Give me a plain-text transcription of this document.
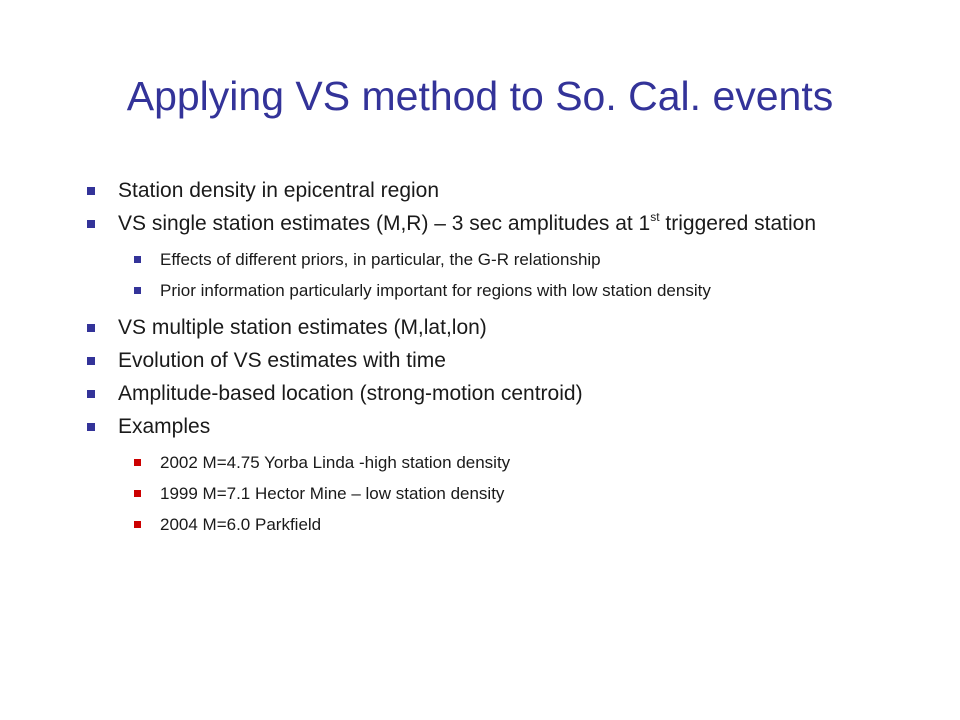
Applying VS method to So. Cal. events
Station density in epicentral region
VS single station estimates (M,R) – 3 sec amplitudes at 1st triggered station
Effects of different priors, in particular, the G-R relationship
Prior information particularly important for regions with low station density
VS multiple station estimates (M,lat,lon)
Evolution of VS estimates with time
Amplitude-based location (strong-motion centroid)
Examples
2002 M=4.75 Yorba Linda -high station density
1999 M=7.1 Hector Mine – low station density
2004 M=6.0 Parkfield
